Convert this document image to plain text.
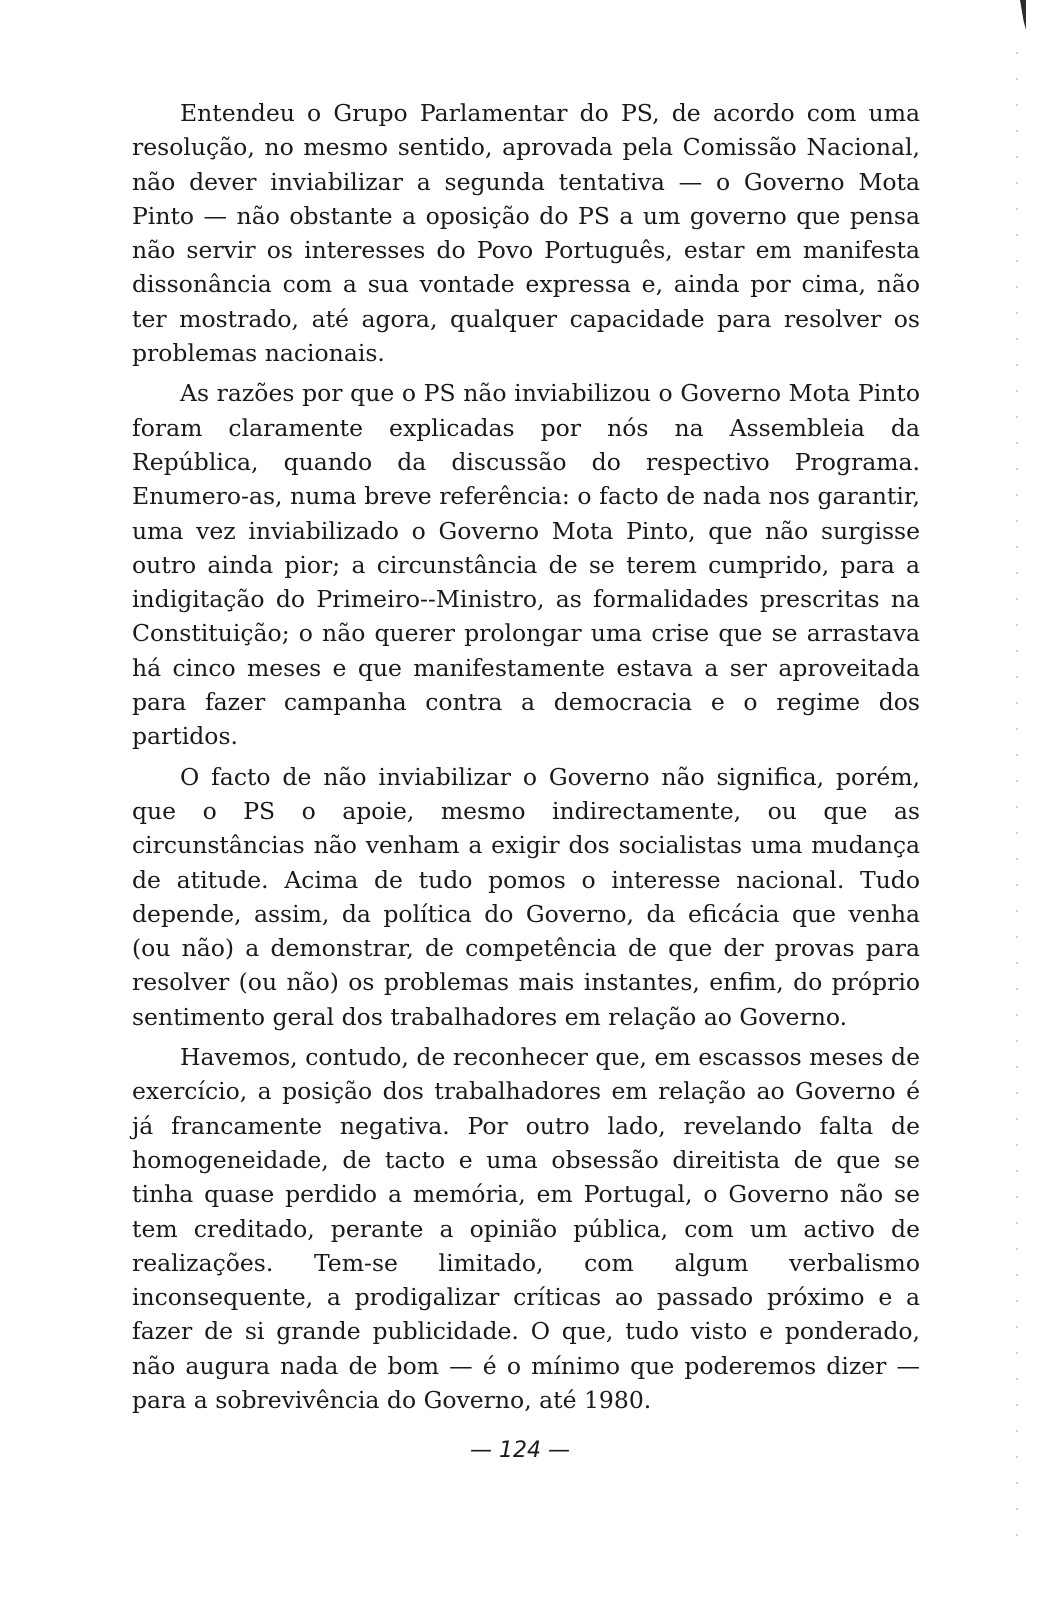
Entendeu o Grupo Parlamentar do PS, de acordo com uma resolução, no mesmo sentido, aprovada pela Comissão Nacional, não dever inviabilizar a segunda tentativa — o Governo Mota Pinto — não obstante a oposição do PS a um governo que pensa não servir os interesses do Povo Português, estar em manifesta dissonância com a sua vontade expressa e, ainda por cima, não ter mostrado, até agora, qualquer capacidade para resolver os problemas nacionais.

As razões por que o PS não inviabilizou o Governo Mota Pinto foram claramente explicadas por nós na Assembleia da República, quando da discussão do respectivo Programa. Enumero-as, numa breve referência: o facto de nada nos garantir, uma vez inviabilizado o Governo Mota Pinto, que não surgisse outro ainda pior; a circunstância de se terem cumprido, para a indigitação do Primeiro--Ministro, as formalidades prescritas na Constituição; o não querer prolongar uma crise que se arrastava há cinco meses e que manifestamente estava a ser aproveitada para fazer campanha contra a democracia e o regime dos partidos.

O facto de não inviabilizar o Governo não significa, porém, que o PS o apoie, mesmo indirectamente, ou que as circunstâncias não venham a exigir dos socialistas uma mudança de atitude. Acima de tudo pomos o interesse nacional. Tudo depende, assim, da política do Governo, da eficácia que venha (ou não) a demonstrar, de competência de que der provas para resolver (ou não) os problemas mais instantes, enfim, do próprio sentimento geral dos trabalhadores em relação ao Governo.

Havemos, contudo, de reconhecer que, em escassos meses de exercício, a posição dos trabalhadores em relação ao Governo é já francamente negativa. Por outro lado, revelando falta de homogeneidade, de tacto e uma obsessão direitista de que se tinha quase perdido a memória, em Portugal, o Governo não se tem creditado, perante a opinião pública, com um activo de realizações. Tem-se limitado, com algum verbalismo inconsequente, a prodigalizar críticas ao passado próximo e a fazer de si grande publicidade. O que, tudo visto e ponderado, não augura nada de bom — é o mínimo que poderemos dizer — para a sobrevivência do Governo, até 1980.

— 124 —
